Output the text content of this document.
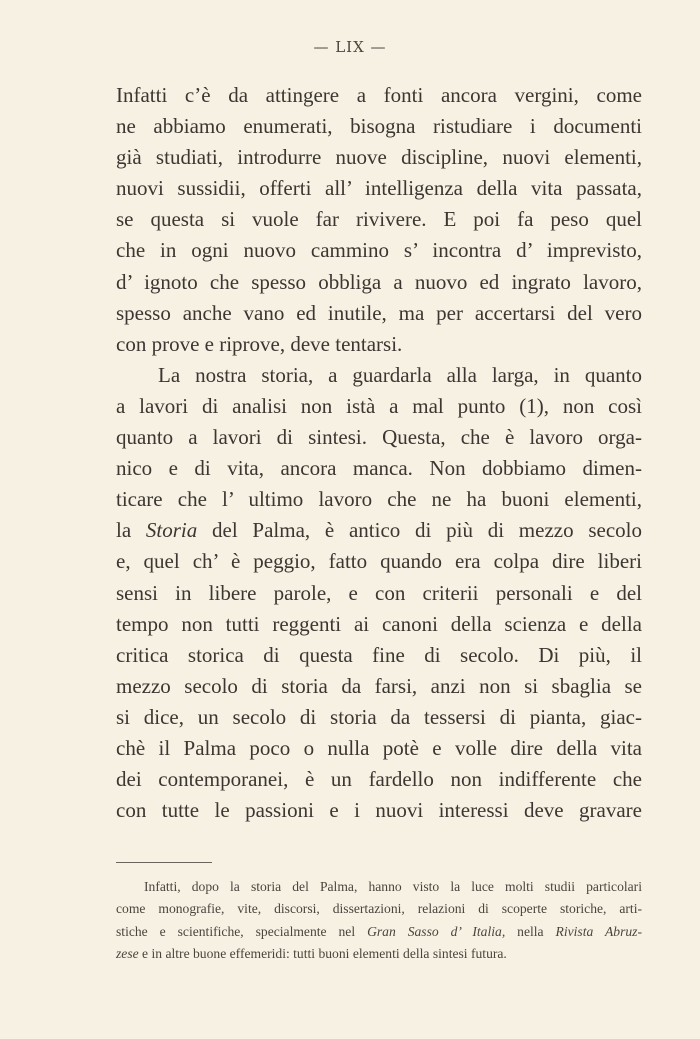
— LIX —
Infatti c’è da attingere a fonti ancora vergini, come
ne abbiamo enumerati, bisogna ristudiare i documenti
già studiati, introdurre nuove discipline, nuovi elementi,
nuovi sussidii, offerti all’ intelligenza della vita passata,
se questa si vuole far rivivere. E poi fa peso quel
che in ogni nuovo cammino s’ incontra d’ imprevisto,
d’ ignoto che spesso obbliga a nuovo ed ingrato lavoro,
spesso anche vano ed inutile, ma per accertarsi del vero
con prove e riprove, deve tentarsi.
La nostra storia, a guardarla alla larga, in quanto
a lavori di analisi non istà a mal punto (1), non così
quanto a lavori di sintesi. Questa, che è lavoro orga-
nico e di vita, ancora manca. Non dobbiamo dimen-
ticare che l’ ultimo lavoro che ne ha buoni elementi,
la Storia del Palma, è antico di più di mezzo secolo
e, quel ch’ è peggio, fatto quando era colpa dire liberi
sensi in libere parole, e con criterii personali e del
tempo non tutti reggenti ai canoni della scienza e della
critica storica di questa fine di secolo. Di più, il
mezzo secolo di storia da farsi, anzi non si sbaglia se
si dice, un secolo di storia da tessersi di pianta, giac-
chè il Palma poco o nulla potè e volle dire della vita
dei contemporanei, è un fardello non indifferente che
con tutte le passioni e i nuovi interessi deve gravare
Infatti, dopo la storia del Palma, hanno visto la luce molti studii particolari
come monografie, vite, discorsi, dissertazioni, relazioni di scoperte storiche, arti-
stiche e scientifiche, specialmente nel Gran Sasso d’ Italia, nella Rivista Abruz-
zese e in altre buone effemeridi: tutti buoni elementi della sintesi futura.
